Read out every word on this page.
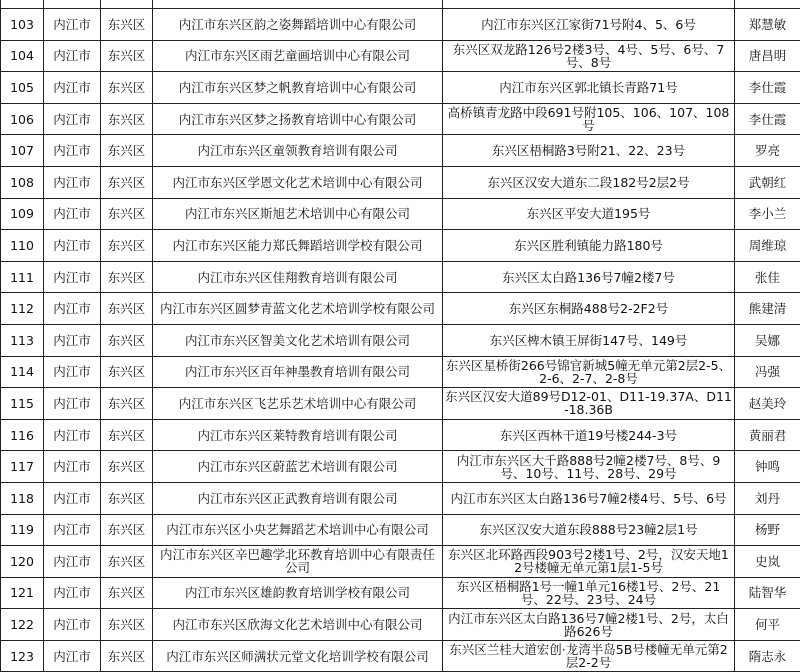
103	内江市	东兴区	内江市东兴区韵之姿舞蹈培训中心有限公司	内江市东兴区江家街71号附4、5、6号	郑慧敏
104	内江市	东兴区	内江市东兴区雨艺童画培训中心有限公司	东兴区双龙路126号2楼3号、4号、5号、6号、7号、8号	唐昌明
105	内江市	东兴区	内江市东兴区梦之帆教育培训中心有限公司	内江市东兴区郭北镇长青路71号	李仕霞
106	内江市	东兴区	内江市东兴区梦之扬教育培训中心有限公司	高桥镇青龙路中段691号附105、106、107、108号	李仕霞
107	内江市	东兴区	内江市东兴区童领教育培训有限公司	东兴区梧桐路3号附21、22、23号	罗亮
108	内江市	东兴区	内江市东兴区学恩文化艺术培训中心有限公司	东兴区汉安大道东二段182号2层2号	武朝红
109	内江市	东兴区	内江市东兴区斯旭艺术培训中心有限公司	东兴区平安大道195号	李小兰
110	内江市	东兴区	内江市东兴区能力郑氏舞蹈培训学校有限公司	东兴区胜利镇能力路180号	周维琼
111	内江市	东兴区	内江市东兴区佳翔教育培训有限公司	东兴区太白路136号7幢2楼7号	张佳
112	内江市	东兴区	内江市东兴区圆梦青蓝文化艺术培训学校有限公司	东兴区东桐路488号2-2F2号	熊建清
113	内江市	东兴区	内江市东兴区智美文化艺术培训有限公司	东兴区椑木镇王屏街147号、149号	吴娜
114	内江市	东兴区	内江市东兴区百年神墨教育培训有限公司	东兴区星桥街266号锦官新城5幢无单元第2层2-5、2-6、2-7、2-8号	冯强
115	内江市	东兴区	内江市东兴区飞艺乐艺术培训中心有限公司	东兴区汉安大道89号D12-01、D11-19.37A、D11-18.36B	赵美玲
116	内江市	东兴区	内江市东兴区莱特教育培训有限公司	东兴区西林干道19号楼244-3号	黄丽君
117	内江市	东兴区	内江市东兴区蔚蓝艺术培训有限公司	内江市东兴区大千路888号2幢2楼7号、8号、9号、10号、11号、28号、29号	钟鸣
118	内江市	东兴区	内江市东兴区正武教育培训有限公司	内江市东兴区太白路136号7幢2楼4号、5号、6号	刘丹
119	内江市	东兴区	内江市东兴区小央艺舞蹈艺术培训中心有限公司	东兴区汉安大道东段888号23幢2层1号	杨野
120	内江市	东兴区	内江市东兴区辛巴趣学北环教育培训中心有限责任公司	东兴区北环路西段903号2楼1号、2号，汉安天地12号楼幢无单元第1层1-5号	史岚
121	内江市	东兴区	内江市东兴区雄韵教育培训学校有限公司	东兴区梧桐路1号一幢1单元16楼1号、2号、21号、22号、23号、24号	陆智华
122	内江市	东兴区	内江市东兴区欣海文化艺术培训中心有限公司	内江市东兴区太白路136号7幢2楼1号、2号，太白路626号	何平
123	内江市	东兴区	内江市东兴区师满状元堂文化培训学校有限公司	东兴区兰桂大道宏创·龙湾半岛5B号楼幢无单元第2层2-2号	隋志永
